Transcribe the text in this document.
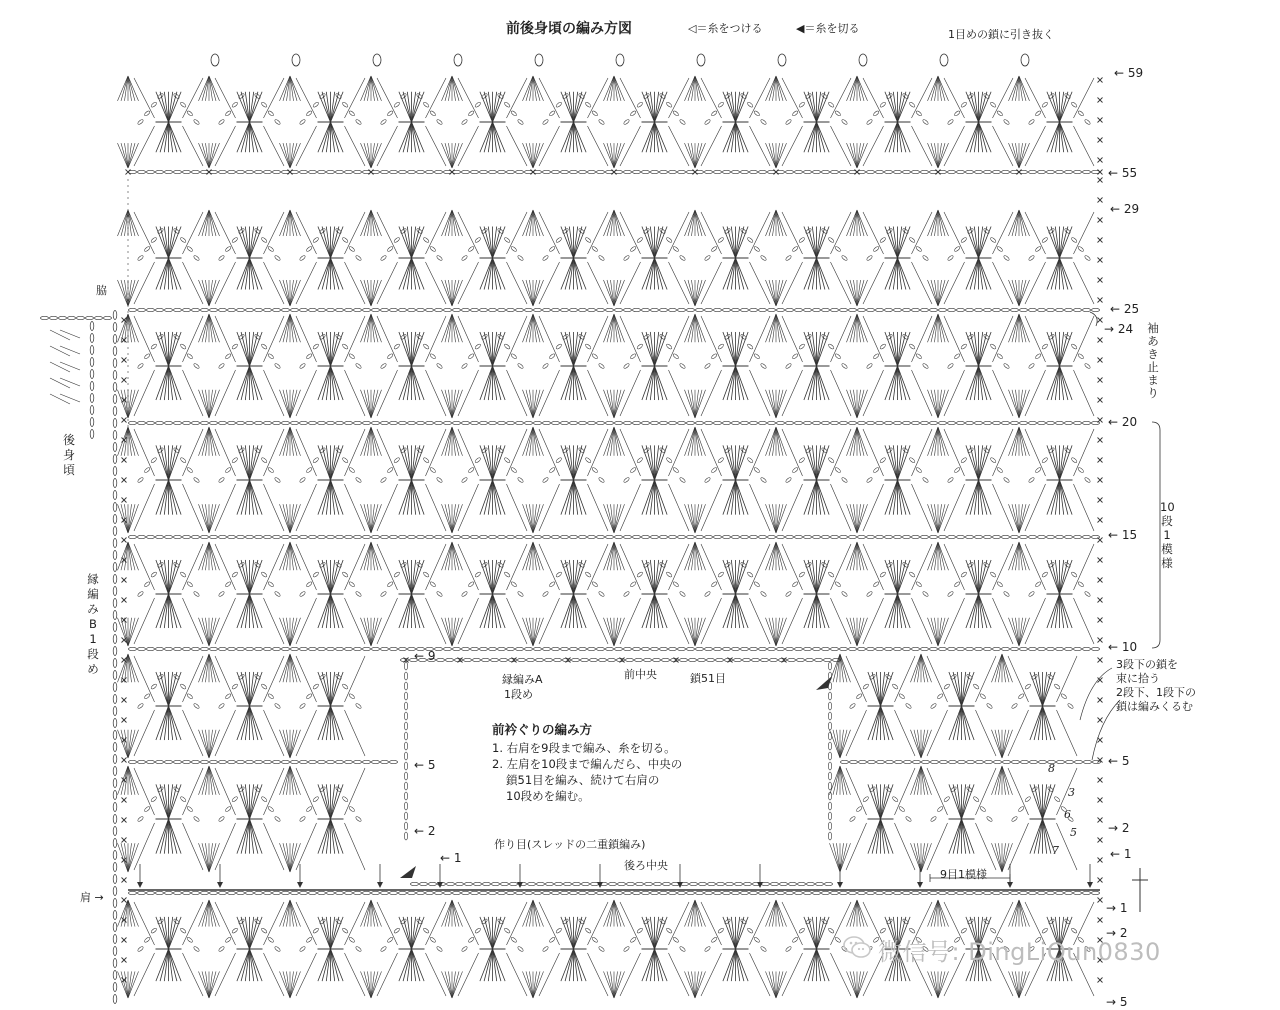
前後身頃の編み方図	◁＝糸をつける	◀＝糸を切る	1目めの鎖に引き抜く
脇
後
身
頃
縁
編
み
B
1
段
め
肩 →
袖
あ
き
止
ま
り
10
段
1
模
様
3段下の鎖を
束に拾う
2段下、1段下の
鎖は編みくるむ
9目1模様
縁編みA
1段め
前中央	鎖51目
作り目(スレッドの二重鎖編み)
後ろ中央
前衿ぐりの編み方
1. 右肩を9段まで編み、糸を切る。
2. 左肩を10段まで編んだら、中央の
鎖51目を編み、続けて右肩の
10段めを編む。
8
3
6
5
7
← 59
← 55
← 29
← 25
→ 24
← 20
← 15
← 10
← 5
→ 2
← 1
→ 1
→ 2
→ 5
← 9
← 5
← 2
← 1
微信号: DingLiQun0830
